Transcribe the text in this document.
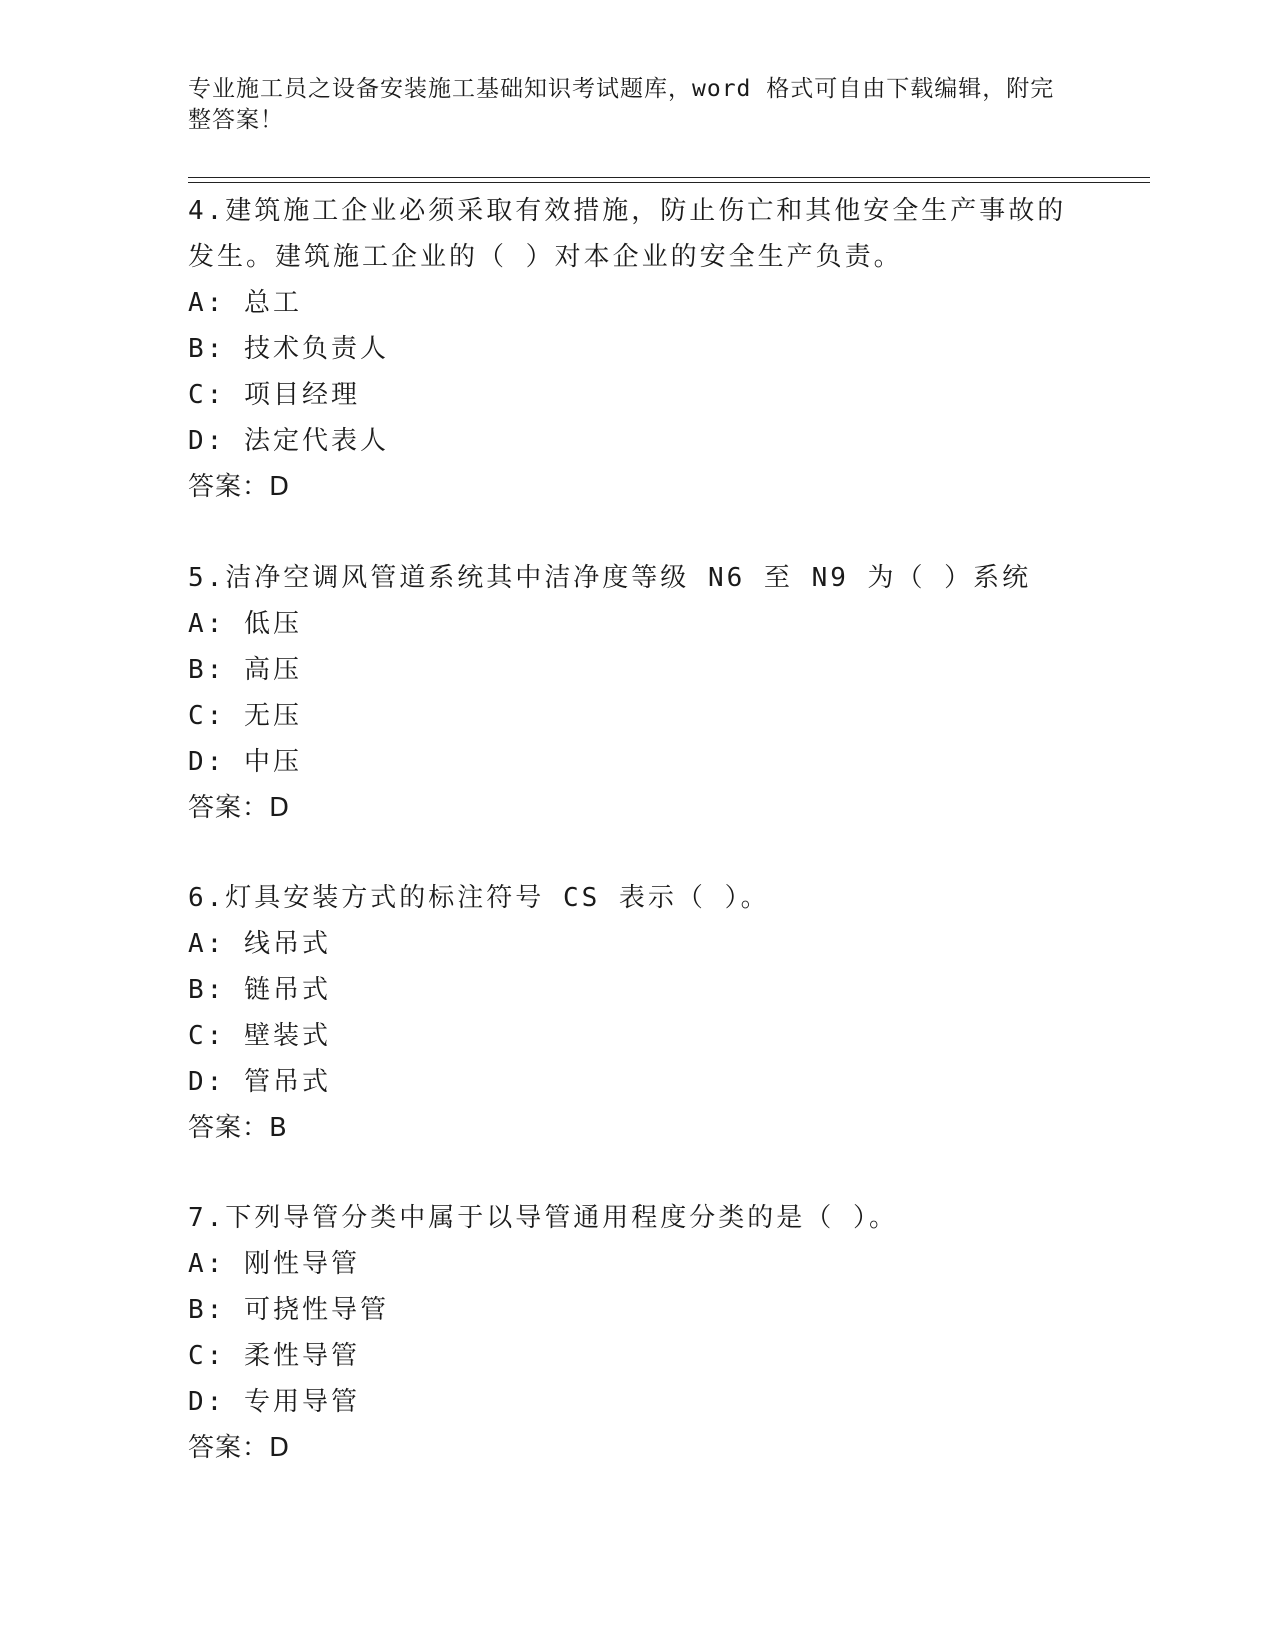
专业施工员之设备安装施工基础知识考试题库，word 格式可自由下载编辑，附完整答案！
4.建筑施工企业必须采取有效措施，防止伤亡和其他安全生产事故的发生。建筑施工企业的（ ）对本企业的安全生产负责。
A: 总工
B: 技术负责人
C: 项目经理
D: 法定代表人
答案：D
5.洁净空调风管道系统其中洁净度等级 N6 至 N9 为（ ）系统
A: 低压
B: 高压
C: 无压
D: 中压
答案：D
6.灯具安装方式的标注符号 CS 表示（ ）。
A: 线吊式
B: 链吊式
C: 壁装式
D: 管吊式
答案：B
7.下列导管分类中属于以导管通用程度分类的是（ ）。
A: 刚性导管
B: 可挠性导管
C: 柔性导管
D: 专用导管
答案：D
